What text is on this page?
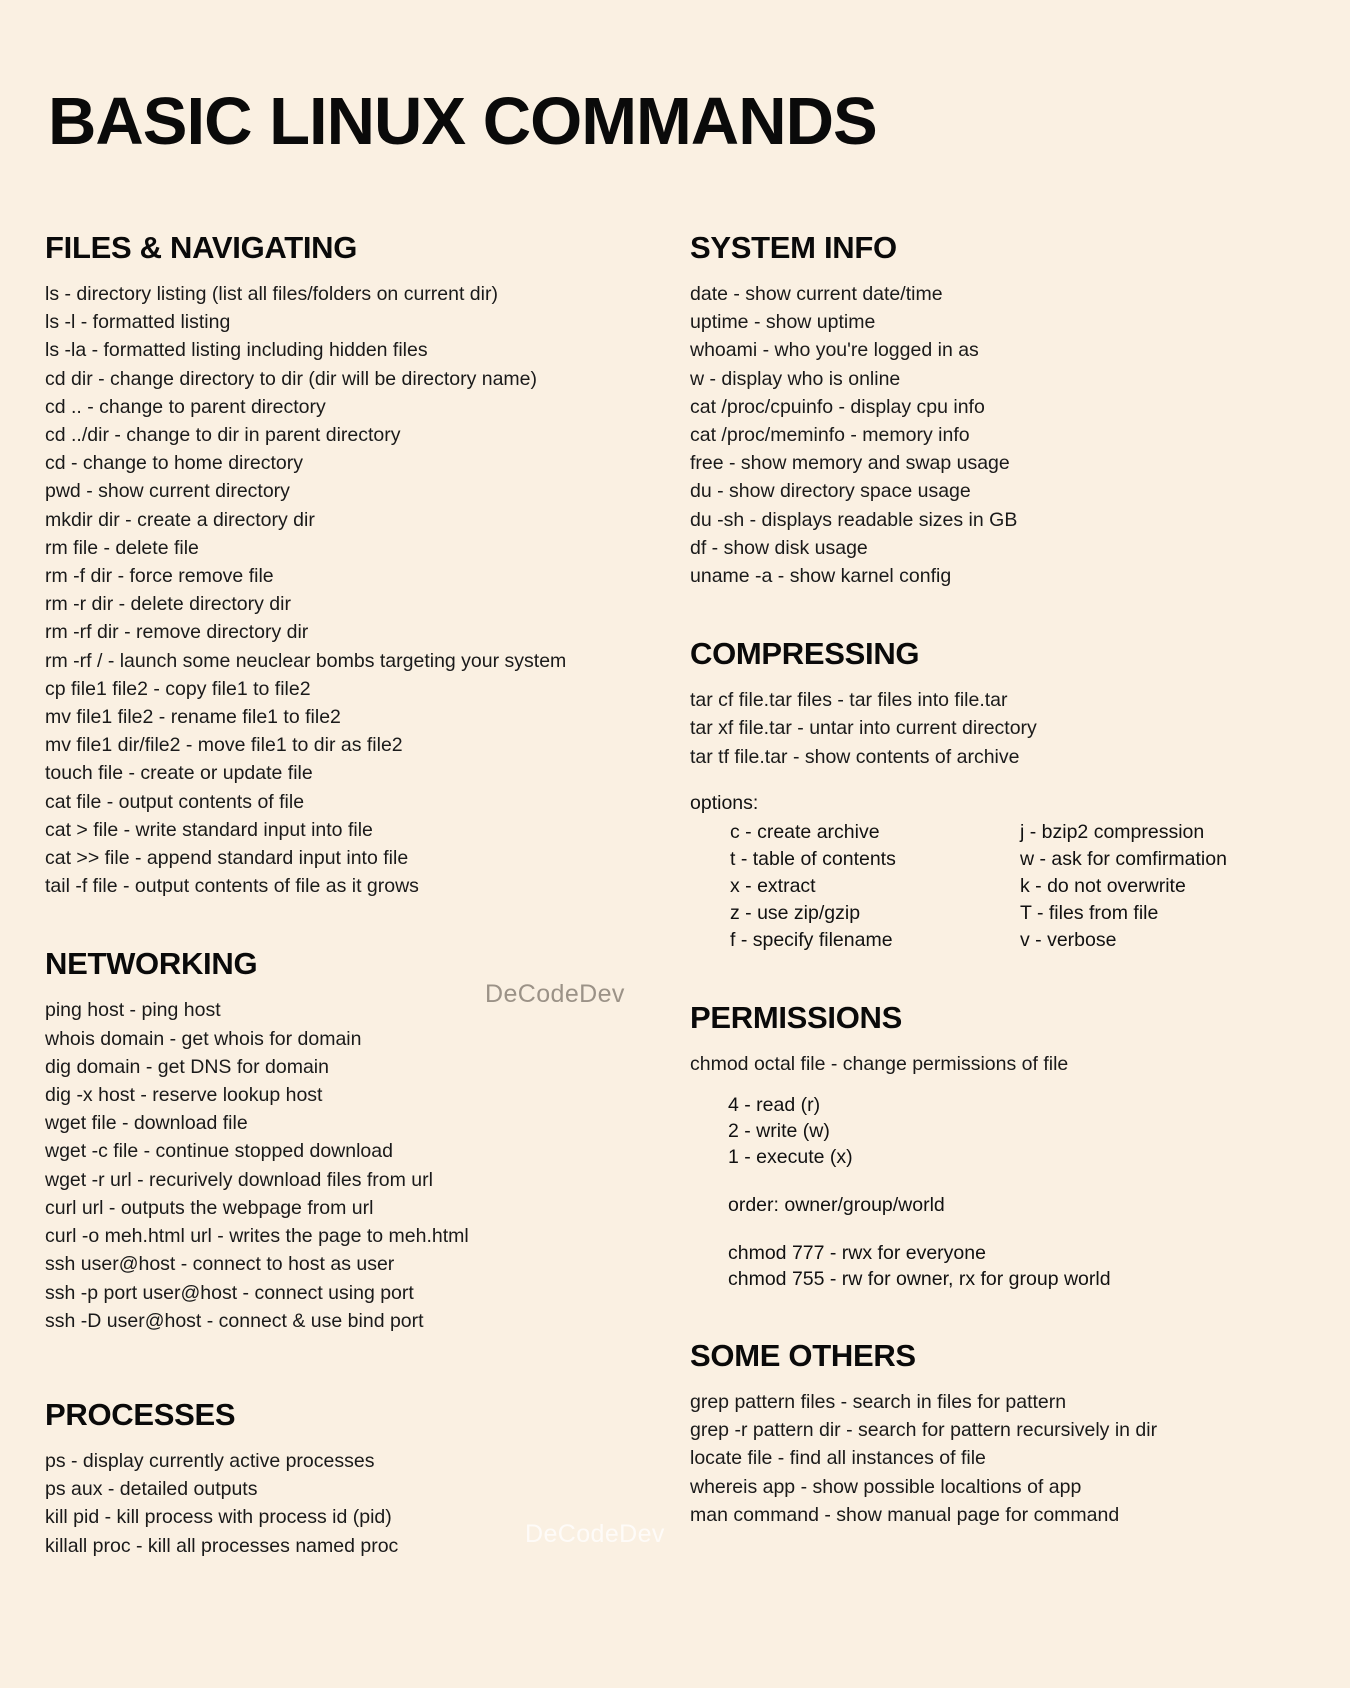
BASIC LINUX COMMANDS
DeCodeDev
DeCodeDev
FILES & NAVIGATING
ls - directory listing (list all files/folders on current dir)
ls -l - formatted listing
ls -la - formatted listing including hidden files
cd dir - change directory to dir (dir will be directory name)
cd .. - change to parent directory
cd ../dir - change to dir in parent directory
cd - change to home directory
pwd - show current directory
mkdir dir - create a directory dir
rm file - delete file
rm -f dir - force remove file
rm -r dir - delete directory dir
rm -rf dir - remove directory dir
rm -rf / - launch some neuclear bombs targeting your system
cp file1 file2 - copy file1 to file2
mv file1 file2 - rename file1 to file2
mv file1 dir/file2 - move file1 to dir as file2
touch file - create or update file
cat file - output contents of file
cat > file - write standard input into file
cat >> file - append standard input into file
tail -f file - output contents of file as it grows
NETWORKING
ping host - ping host
whois domain - get whois for domain
dig domain - get DNS for domain
dig -x host - reserve lookup host
wget file - download file
wget -c file - continue stopped download
wget -r url - recurively download files from url
curl url - outputs the webpage from url
curl -o meh.html url - writes the page to meh.html
ssh user@host - connect to host as user
ssh -p port user@host - connect using port
ssh -D user@host - connect & use bind port
PROCESSES
ps - display currently active processes
ps aux - detailed outputs
kill pid - kill process with process id (pid)
killall proc - kill all processes named proc
SYSTEM INFO
date - show current date/time
uptime - show uptime
whoami - who you're logged in as
w - display who is online
cat /proc/cpuinfo - display cpu info
cat /proc/meminfo - memory info
free - show memory and swap usage
du - show directory space usage
du -sh - displays readable sizes in GB
df - show disk usage
uname -a - show karnel config
COMPRESSING
tar cf file.tar files - tar files into file.tar
tar xf file.tar - untar into current directory
tar tf file.tar - show contents of archive
options:
c - create archive
t - table of contents
x - extract
z - use zip/gzip
f - specify filename
j - bzip2 compression
w - ask for comfirmation
k - do not overwrite
T - files from file
v - verbose
PERMISSIONS
chmod octal file - change permissions of file
4 - read (r)
2 - write (w)
1 - execute (x)
order: owner/group/world
chmod 777 - rwx for everyone
chmod 755 - rw for owner, rx for group world
SOME OTHERS
grep pattern files - search in files for pattern
grep -r pattern dir - search for pattern recursively in dir
locate file - find all instances of file
whereis app - show possible localtions of app
man command - show manual page for command
